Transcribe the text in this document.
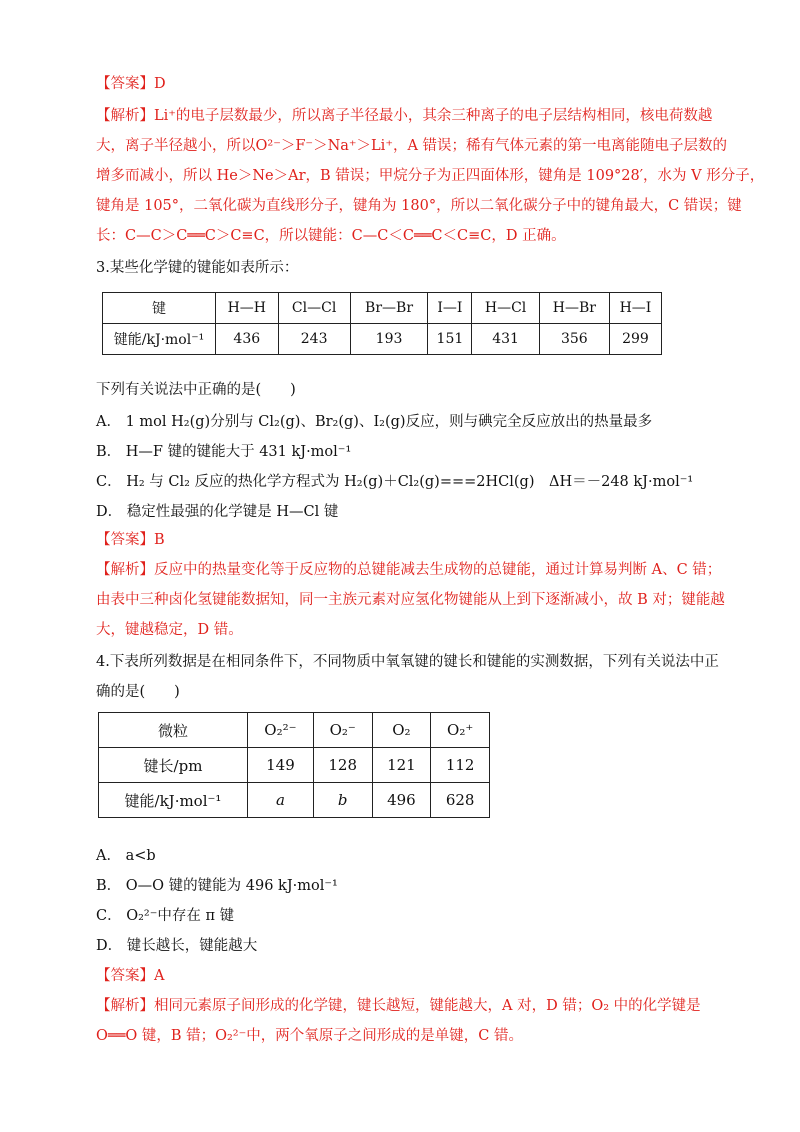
【答案】D
【解析】Li⁺的电子层数最少，所以离子半径最小，其余三种离子的电子层结构相同，核电荷数越
大，离子半径越小，所以O²⁻＞F⁻＞Na⁺＞Li⁺，A 错误；稀有气体元素的第一电离能随电子层数的
增多而减小，所以 He＞Ne＞Ar，B 错误；甲烷分子为正四面体形，键角是 109°28′，水为 V 形分子，
键角是 105°，二氧化碳为直线形分子，键角为 180°，所以二氧化碳分子中的键角最大，C 错误；键
长：C—C＞C══C＞C≡C，所以键能：C—C＜C══C＜C≡C，D 正确。
3.某些化学键的键能如表所示：
键	H—H	Cl—Cl	Br—Br	I—I	H—Cl	H—Br	H—I
键能/kJ·mol⁻¹	436	243	193	151	431	356	299
下列有关说法中正确的是(　　)
A． 1 mol H₂(g)分别与 Cl₂(g)、Br₂(g)、I₂(g)反应，则与碘完全反应放出的热量最多
B． H—F 键的键能大于 431 kJ·mol⁻¹
C． H₂ 与 Cl₂ 反应的热化学方程式为 H₂(g)＋Cl₂(g)===2HCl(g)　ΔH＝－248 kJ·mol⁻¹
D． 稳定性最强的化学键是 H—Cl 键
【答案】B
【解析】反应中的热量变化等于反应物的总键能减去生成物的总键能，通过计算易判断 A、C 错；
由表中三种卤化氢键能数据知，同一主族元素对应氢化物键能从上到下逐渐减小，故 B 对；键能越
大，键越稳定，D 错。
4.下表所列数据是在相同条件下，不同物质中氧氧键的键长和键能的实测数据，下列有关说法中正
确的是(　　)
微粒	O₂²⁻	O₂⁻	O₂	O₂⁺
键长/pm	149	128	121	112
键能/kJ·mol⁻¹	a	b	496	628
A． a<b
B． O—O 键的键能为 496 kJ·mol⁻¹
C． O₂²⁻中存在 π 键
D． 键长越长，键能越大
【答案】A
【解析】相同元素原子间形成的化学键，键长越短，键能越大，A 对，D 错；O₂ 中的化学键是
O══O 键，B 错；O₂²⁻中，两个氧原子之间形成的是单键，C 错。
